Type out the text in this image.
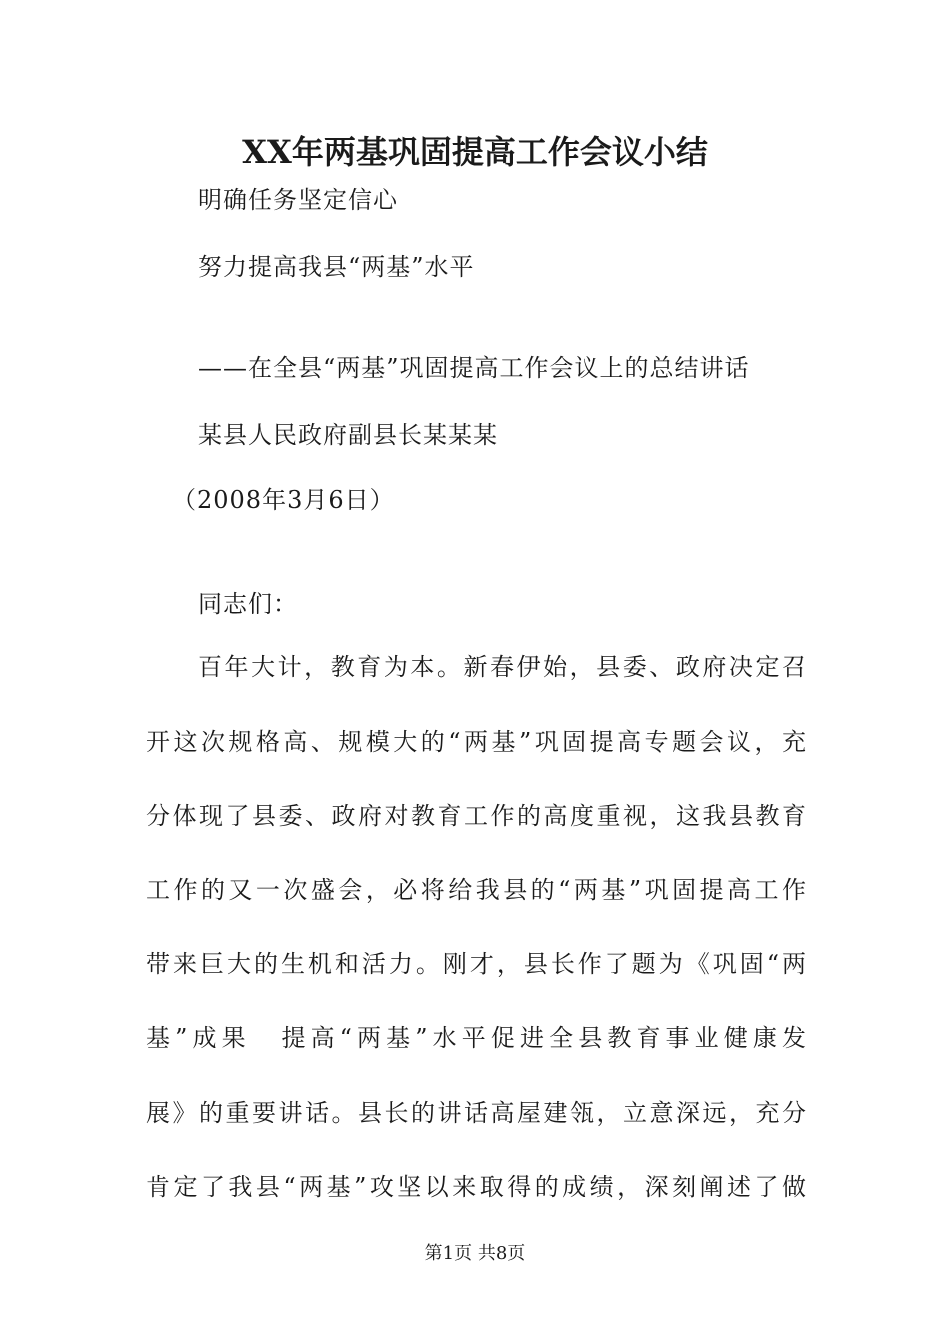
XX年两基巩固提高工作会议小结
明确任务坚定信心
努力提高我县“两基”水平
——在全县“两基”巩固提高工作会议上的总结讲话
某县人民政府副县长某某某
（2008年3月6日）
同志们：
百年大计，教育为本。新春伊始，县委、政府决定召
开这次规格高、规模大的“两基”巩固提高专题会议，充
分体现了县委、政府对教育工作的高度重视，这我县教育
工作的又一次盛会，必将给我县的“两基”巩固提高工作
带来巨大的生机和活力。刚才，县长作了题为《巩固“两
基”成果 提高“两基”水平促进全县教育事业健康发
展》的重要讲话。县长的讲话高屋建瓴，立意深远，充分
肯定了我县“两基”攻坚以来取得的成绩，深刻阐述了做
第1页 共8页
